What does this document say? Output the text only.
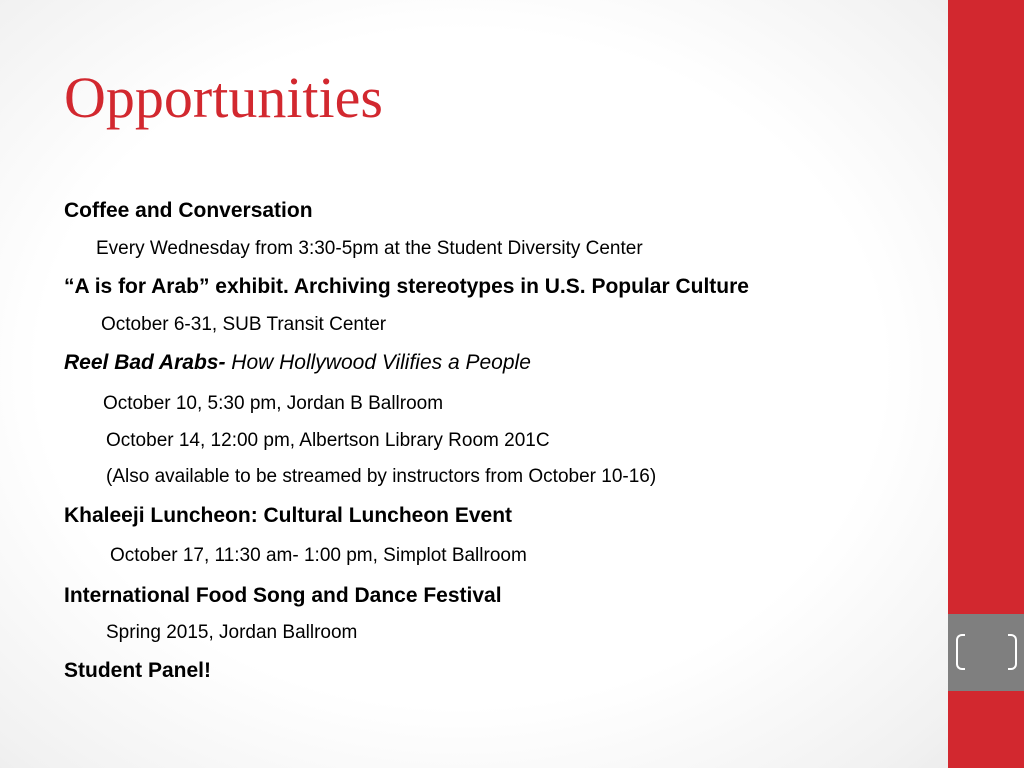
Opportunities
Coffee and Conversation
Every Wednesday from 3:30-5pm at the Student Diversity Center
“A is for Arab” exhibit. Archiving stereotypes in U.S. Popular Culture
October 6-31, SUB Transit Center
Reel Bad Arabs- How Hollywood Vilifies a People
October 10, 5:30 pm, Jordan B Ballroom
October 14, 12:00 pm, Albertson Library Room 201C
(Also available to be streamed by instructors from October 10-16)
Khaleeji Luncheon: Cultural Luncheon Event
October 17, 11:30 am- 1:00 pm, Simplot Ballroom
International Food Song and Dance Festival
Spring 2015, Jordan Ballroom
Student Panel!
